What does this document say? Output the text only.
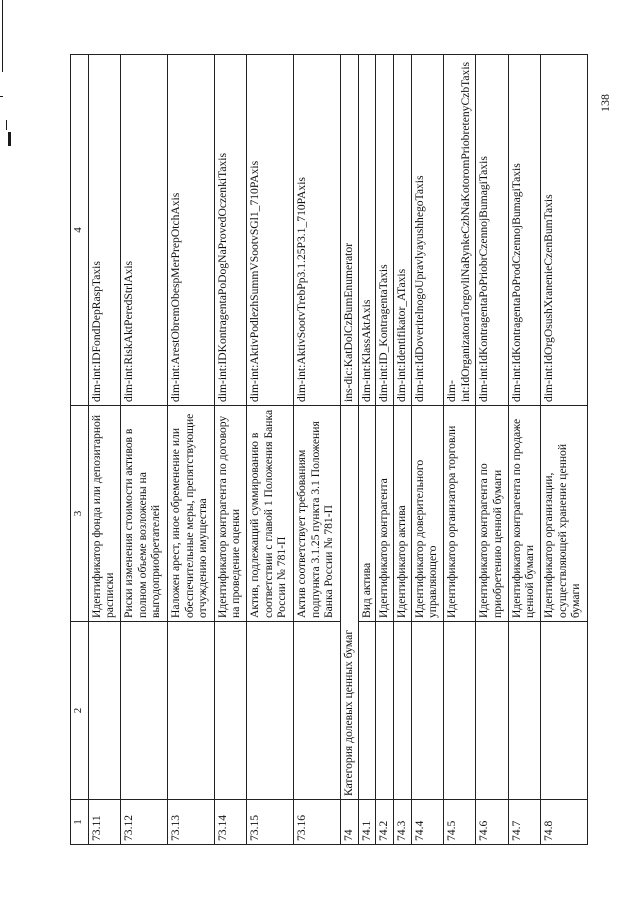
138
1	2	3	4
73.11		Идентификатор фонда или депозитарной расписки	dim-int:IDFondDepRaspTaxis
73.12		Риски изменения стоимости активов в полном объеме возложены на выгодоприобретателей	dim-int:RiskAktPeredStrlAxis
73.13		Наложен арест, иное обременение или обеспечительные меры, препятствующие отчуждению имущества	dim-int:ArestObremObespMerPrepOtchAxis
73.14		Идентификатор контрагента по договору на проведение оценки	dim-int:IDKontragentaPoDogNaProvedOczenkiTaxis
73.15		Актив, подлежащий суммированию в соответствии с главой 1 Положения Банка России № 781-П	dim-int:AktivPodlezhSummVSootvSGl1_710PAxis
73.16		Актив соответствует требованиям подпункта 3.1.25 пункта 3.1 Положения Банка России № 781-П	dim-int:AktivSootvTrebPp3.1.25P3.1_710PAxis
74	Категория долевых ценных бумаг		ins-dic:KatDolCzBumEnumerator
74.1		Вид актива	dim-int:KlassAktAxis
74.2		Идентификатор контрагента	dim-int:ID_KontragentaTaxis
74.3		Идентификатор актива	dim-int:Identifikator_ATaxis
74.4		Идентификатор доверительного управляющего	dim-int:IdDoveritelnogoUpravlyayushhegoTaxis
74.5		Идентификатор организатора торговли	dim-int:IdOrganizatoraTorgovliNaRynkeCzbNaKotoromPriobretenyCzbTaxis
74.6		Идентификатор контрагента по приобретению ценной бумаги	dim-int:IdKontragentaPoPriobrCzennojBumagiTaxis
74.7		Идентификатор контрагента по продаже ценной бумаги	dim-int:IdKontragentaPoProdCzennojBumagiTaxis
74.8		Идентификатор организации, осуществляющей хранение ценной бумаги	dim-int:IdOrgOsushXranenieCzenBumTaxis
